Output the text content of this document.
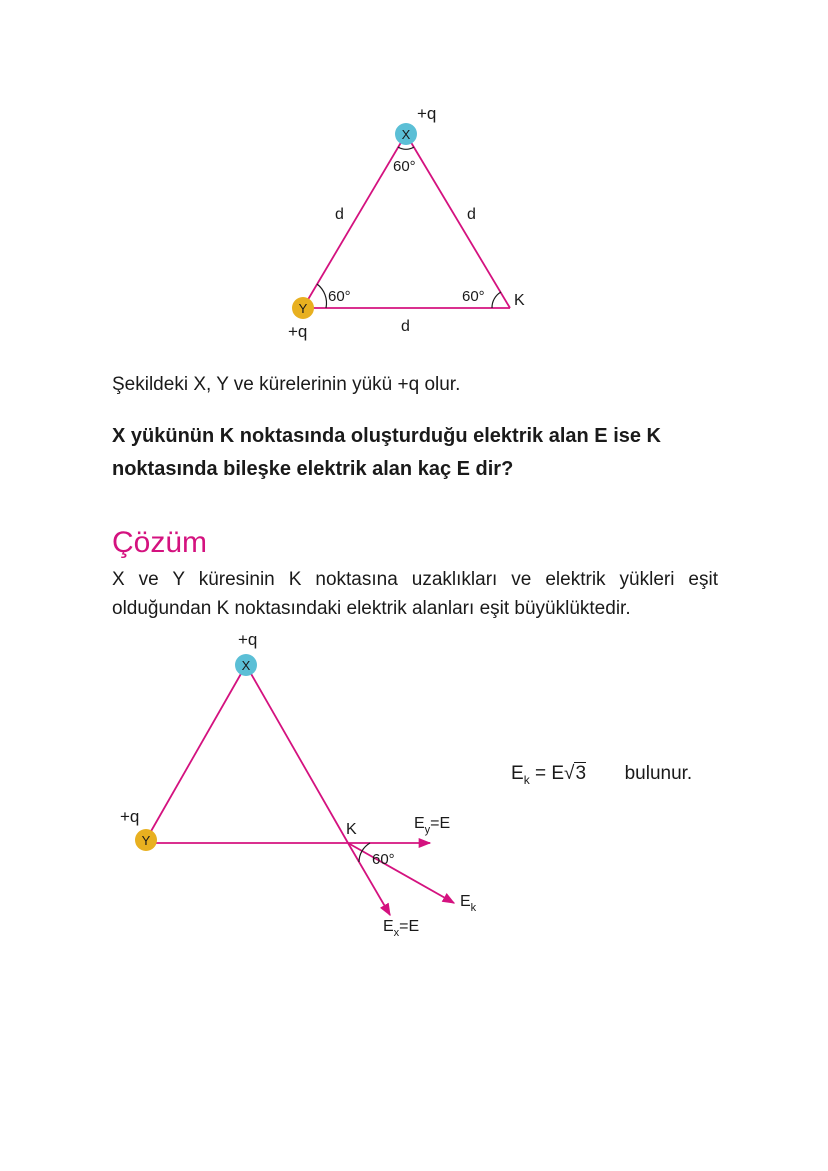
X
Y
+q
+q
60°
60°	60° K
d	d
d

Şekildeki X, Y ve kürelerinin yükü +q olur.

X yükünün K noktasında oluşturduğu elektrik alan E ise K noktasında bileşke elektrik alan kaç E dir?

Çözüm

X ve Y küresinin K noktasına uzaklıkları ve elektrik yükleri eşit olduğundan K noktasındaki elektrik alanları eşit büyüklüktedir.

X
Y
+q
+q
K
60°
$E_y=E$
$E_x=E$
$E_k$
$E_k = E√3$ bulunur.
